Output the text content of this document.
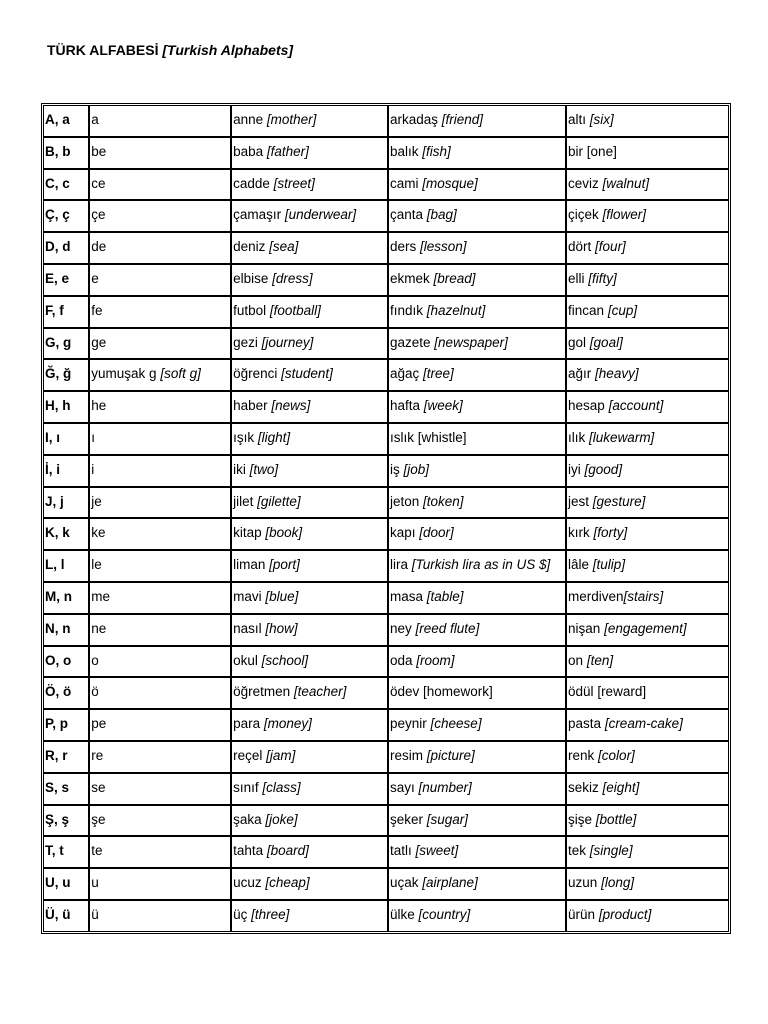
TÜRK ALFABESİ [Turkish Alphabets]
A, a	a	anne [mother]	arkadaş [friend]	altı [six]
B, b	be	baba [father]	balık [fish]	bir [one]
C, c	ce	cadde [street]	cami [mosque]	ceviz [walnut]
Ç, ç	çe	çamaşır [underwear]	çanta [bag]	çiçek [flower]
D, d	de	deniz [sea]	ders [lesson]	dört [four]
E, e	e	elbise [dress]	ekmek [bread]	elli [fifty]
F, f	fe	futbol [football]	fındık [hazelnut]	fincan [cup]
G, g	ge	gezi [journey]	gazete [newspaper]	gol [goal]
Ğ, ğ	yumuşak g [soft g]	öğrenci [student]	ağaç [tree]	ağır [heavy]
H, h	he	haber [news]	hafta [week]	hesap [account]
I, ı	ı	ışık [light]	ıslık [whistle]	ılık [lukewarm]
İ, i	i	iki [two]	iş [job]	iyi [good]
J, j	je	jilet [gilette]	jeton [token]	jest [gesture]
K, k	ke	kitap [book]	kapı [door]	kırk [forty]
L, l	le	liman [port]	lira [Turkish lira as in US $]	lâle [tulip]
M, n	me	mavi [blue]	masa [table]	merdiven[stairs]
N, n	ne	nasıl [how]	ney [reed flute]	nişan [engagement]
O, o	o	okul [school]	oda [room]	on [ten]
Ö, ö	ö	öğretmen [teacher]	ödev [homework]	ödül [reward]
P, p	pe	para [money]	peynir [cheese]	pasta [cream-cake]
R, r	re	reçel [jam]	resim [picture]	renk [color]
S, s	se	sınıf [class]	sayı [number]	sekiz [eight]
Ş, ş	şe	şaka [joke]	şeker [sugar]	şişe [bottle]
T, t	te	tahta [board]	tatlı [sweet]	tek [single]
U, u	u	ucuz [cheap]	uçak [airplane]	uzun [long]
Ü, ü	ü	üç [three]	ülke [country]	ürün [product]
